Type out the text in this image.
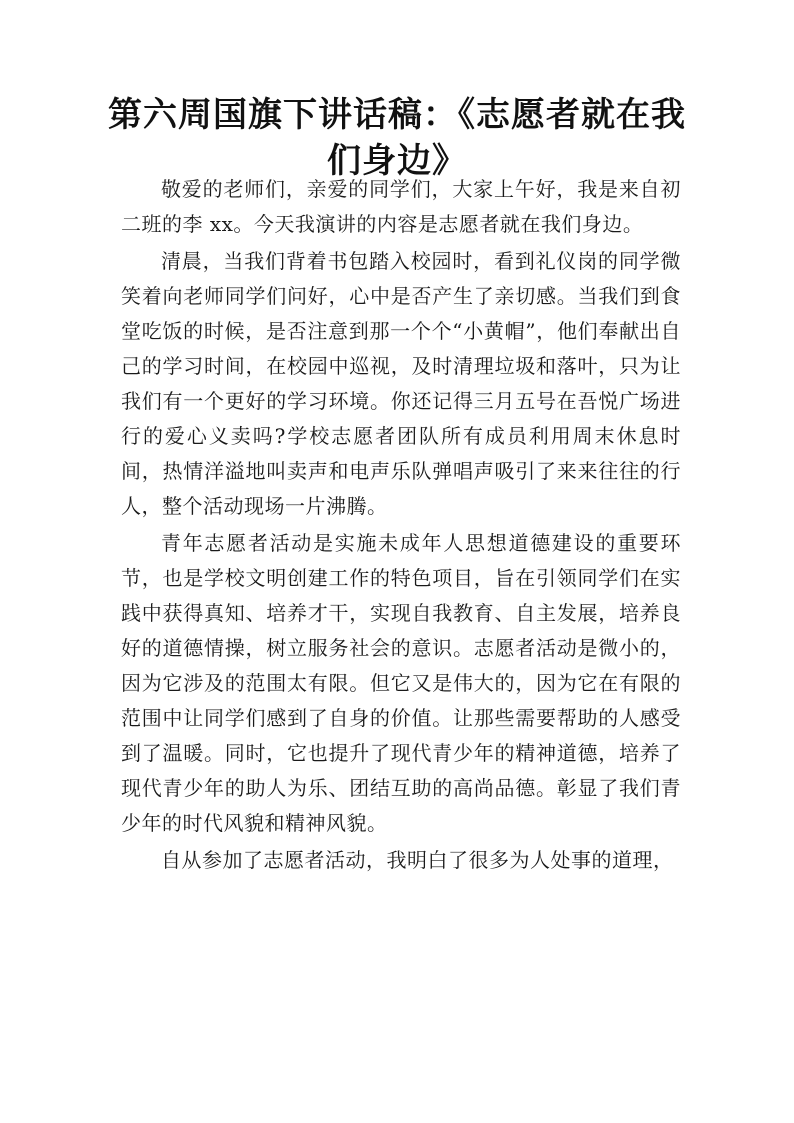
第六周国旗下讲话稿：《志愿者就在我们身边》

敬爱的老师们，亲爱的同学们，大家上午好，我是来自初二班的李 xx。今天我演讲的内容是志愿者就在我们身边。

清晨，当我们背着书包踏入校园时，看到礼仪岗的同学微笑着向老师同学们问好，心中是否产生了亲切感。当我们到食堂吃饭的时候，是否注意到那一个个“小黄帽”，他们奉献出自己的学习时间，在校园中巡视，及时清理垃圾和落叶，只为让我们有一个更好的学习环境。你还记得三月五号在吾悦广场进行的爱心义卖吗?学校志愿者团队所有成员利用周末休息时间，热情洋溢地叫卖声和电声乐队弹唱声吸引了来来往往的行人，整个活动现场一片沸腾。

青年志愿者活动是实施未成年人思想道德建设的重要环节，也是学校文明创建工作的特色项目，旨在引领同学们在实践中获得真知、培养才干，实现自我教育、自主发展，培养良好的道德情操，树立服务社会的意识。志愿者活动是微小的，因为它涉及的范围太有限。但它又是伟大的，因为它在有限的范围中让同学们感到了自身的价值。让那些需要帮助的人感受到了温暖。同时，它也提升了现代青少年的精神道德，培养了现代青少年的助人为乐、团结互助的高尚品德。彰显了我们青少年的时代风貌和精神风貌。

自从参加了志愿者活动，我明白了很多为人处事的道理，
